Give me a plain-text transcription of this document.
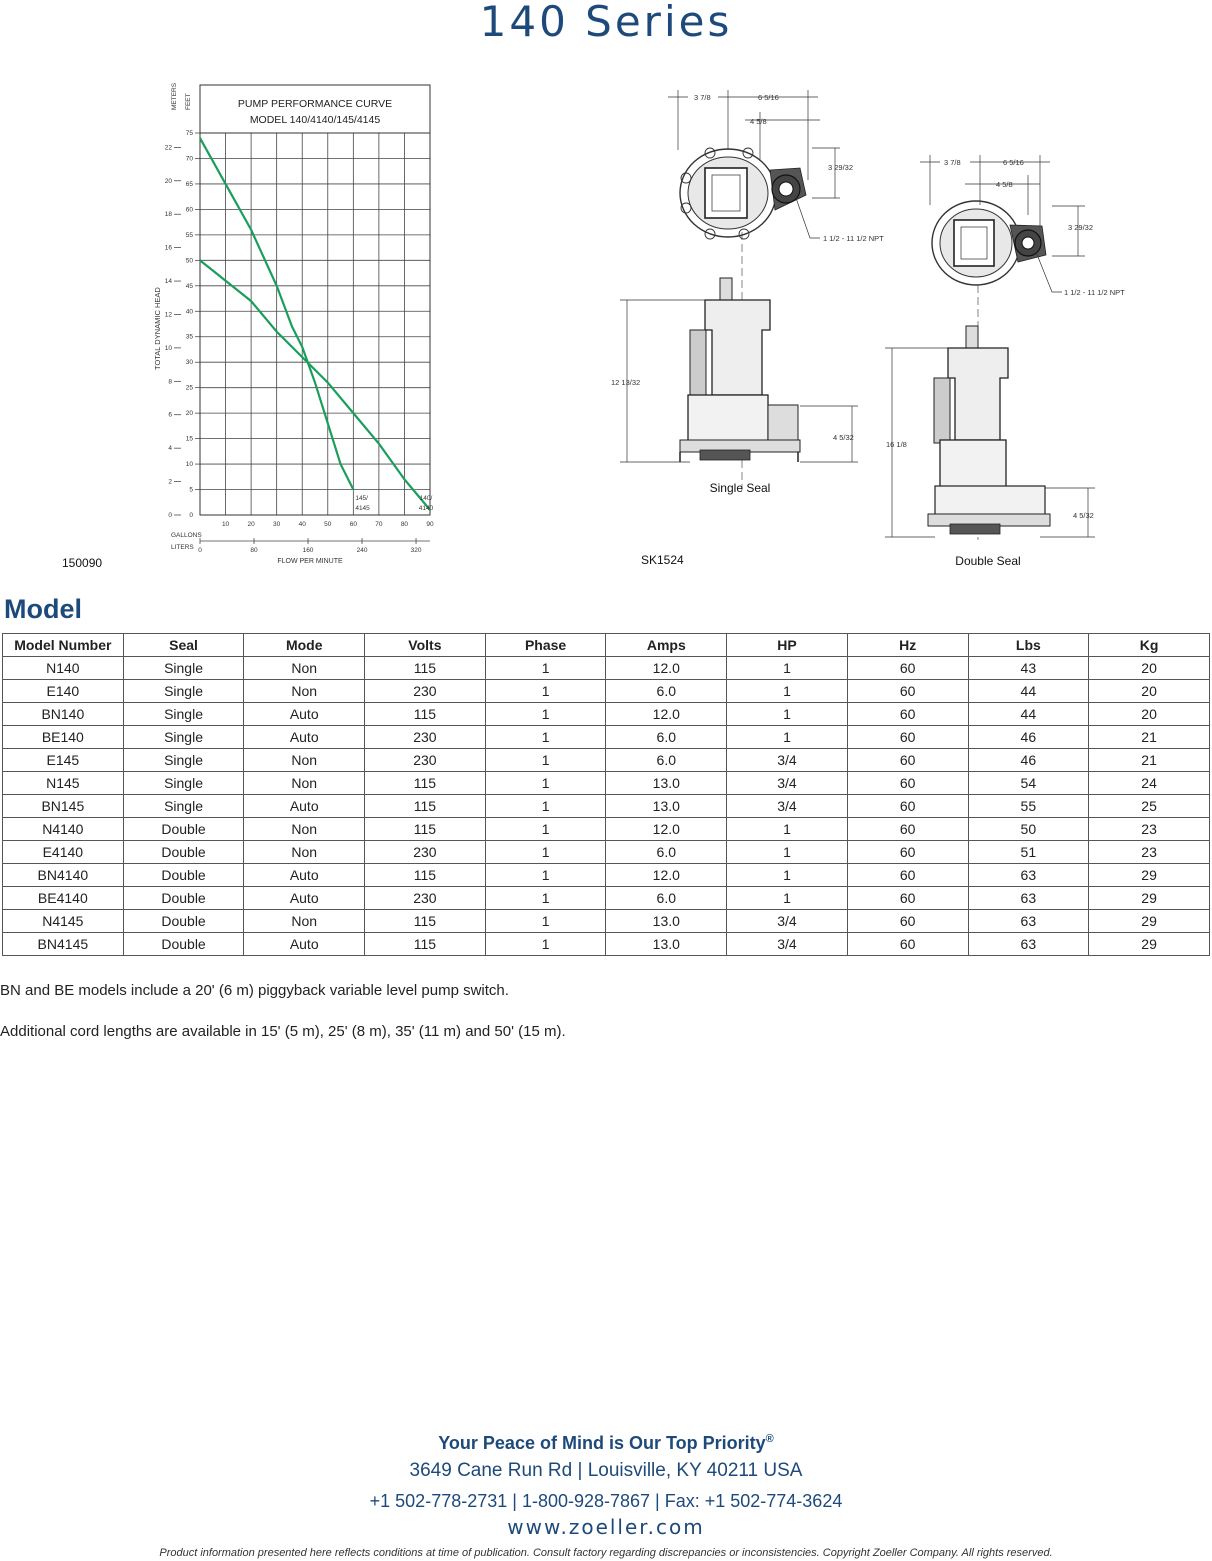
140 Series
PUMP PERFORMANCE CURVE
MODEL 140/4140/145/4145
METERS FEET
TOTAL DYNAMIC HEAD
GALLONS
LITERS
FLOW PER MINUTE
5
10
15
20
25
30
35
40
45
50
55
60
65
70
75
0
10	20	30	40	50	60	70	80	90
0
2
4
6
8
10
12
14
16
18
20
22
0	80	160	240	320
145/
4145
140/
4140
150090	SK1524
3 7/8	6 5/16
4 5/8
3 29/32
1 1/2 - 11 1/2 NPT
12 13/32
4 5/32
Single Seal
3 7/8	6 5/16
4 5/8
3 29/32
1 1/2 - 11 1/2 NPT
16 1/8
4 5/32
Double Seal
Model
Model Number	Seal	Mode	Volts	Phase	Amps	HP	Hz	Lbs	Kg
N140	Single	Non	115	1	12.0	1	60	43	20
E140	Single	Non	230	1	6.0	1	60	44	20
BN140	Single	Auto	115	1	12.0	1	60	44	20
BE140	Single	Auto	230	1	6.0	1	60	46	21
E145	Single	Non	230	1	6.0	3/4	60	46	21
N145	Single	Non	115	1	13.0	3/4	60	54	24
BN145	Single	Auto	115	1	13.0	3/4	60	55	25
N4140	Double	Non	115	1	12.0	1	60	50	23
E4140	Double	Non	230	1	6.0	1	60	51	23
BN4140	Double	Auto	115	1	12.0	1	60	63	29
BE4140	Double	Auto	230	1	6.0	1	60	63	29
N4145	Double	Non	115	1	13.0	3/4	60	63	29
BN4145	Double	Auto	115	1	13.0	3/4	60	63	29
BN and BE models include a 20' (6 m) piggyback variable level pump switch.
Additional cord lengths are available in 15' (5 m), 25' (8 m), 35' (11 m) and 50' (15 m).
Your Peace of Mind is Our Top Priority®
3649 Cane Run Rd | Louisville, KY 40211 USA
+1 502-778-2731 | 1-800-928-7867 | Fax: +1 502-774-3624
www.zoeller.com
Product information presented here reflects conditions at time of publication. Consult factory regarding discrepancies or inconsistencies. Copyright Zoeller Company. All rights reserved.
